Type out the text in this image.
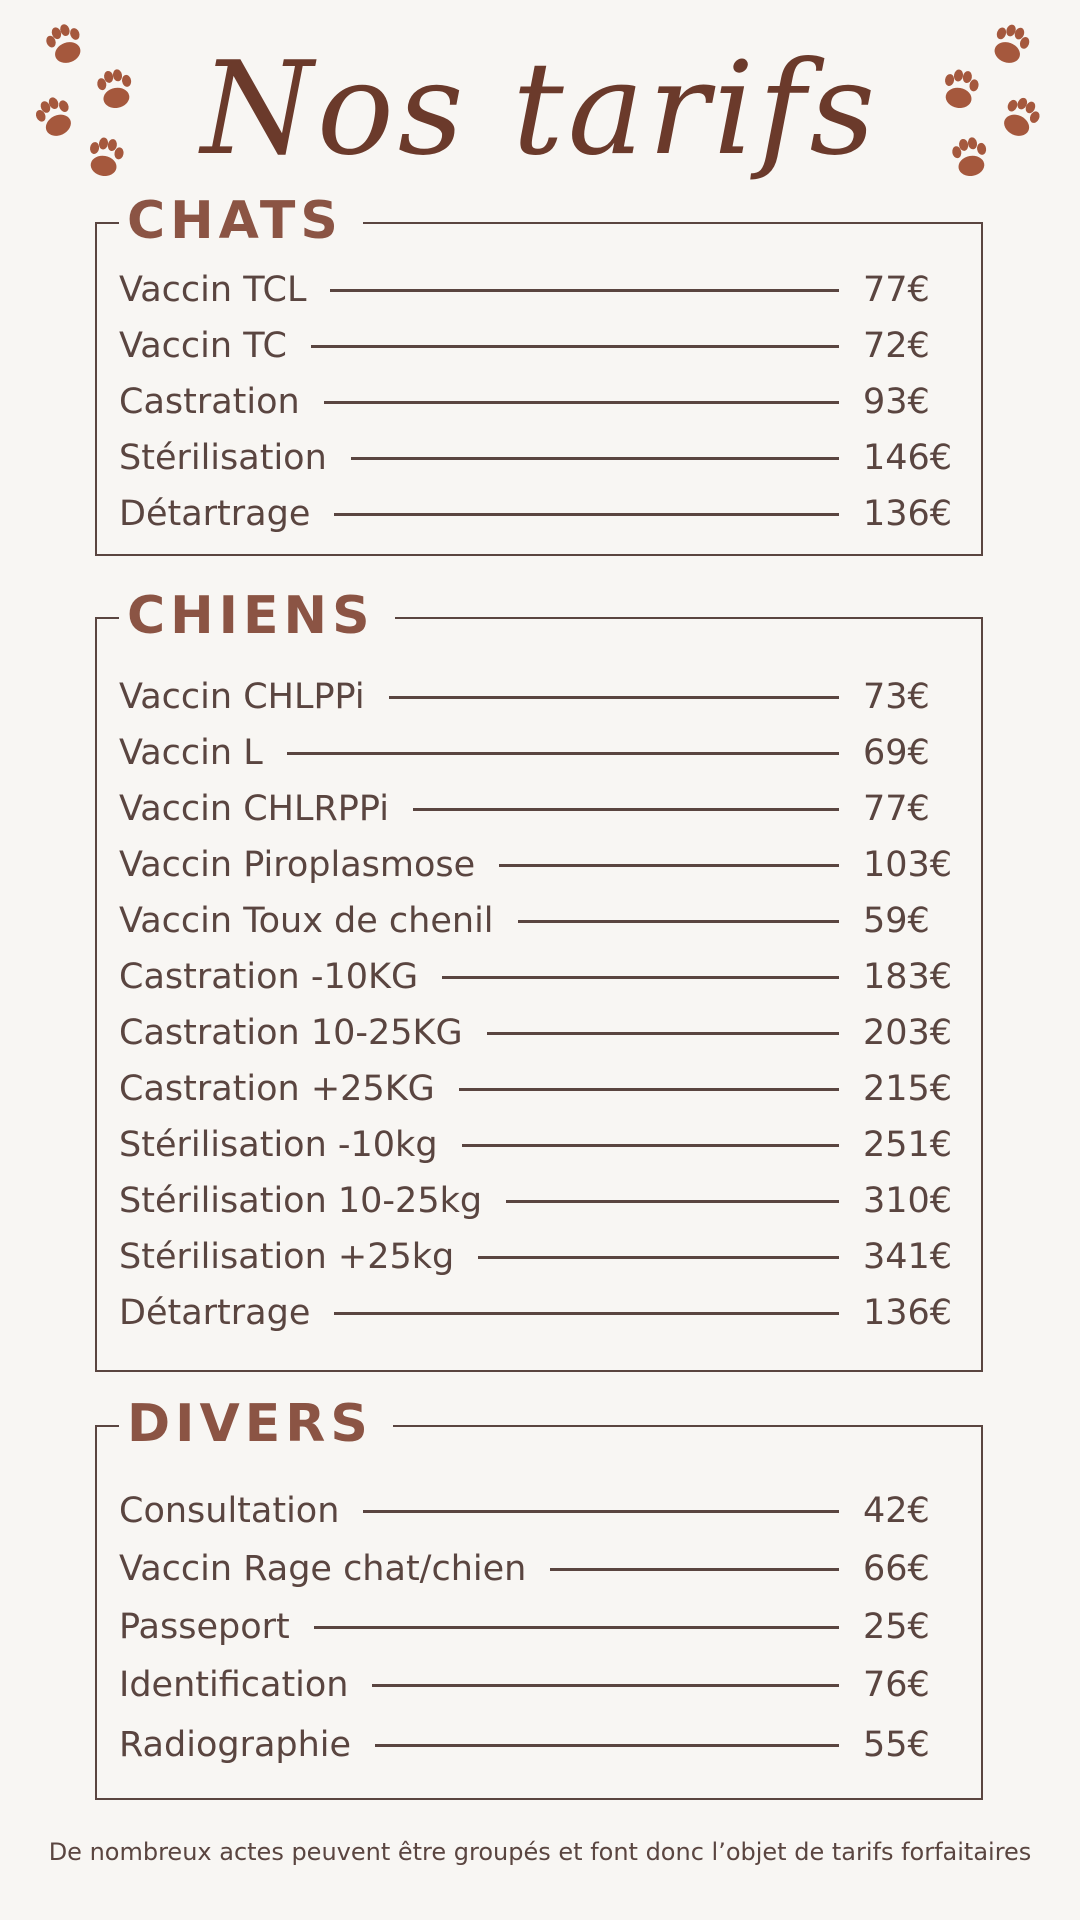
Nos tarifs
CHATS
Vaccin TCL	77€
Vaccin TC	72€
Castration	93€
Stérilisation	146€
Détartrage	136€
CHIENS
Vaccin CHLPPi	73€
Vaccin L	69€
Vaccin CHLRPPi	77€
Vaccin Piroplasmose	103€
Vaccin Toux de chenil	59€
Castration -10KG	183€
Castration 10-25KG	203€
Castration +25KG	215€
Stérilisation -10kg	251€
Stérilisation 10-25kg	310€
Stérilisation +25kg	341€
Détartrage	136€
DIVERS
Consultation	42€
Vaccin Rage chat/chien	66€
Passeport	25€
Identification	76€
Radiographie	55€
De nombreux actes peuvent être groupés et font donc l’objet de tarifs forfaitaires
